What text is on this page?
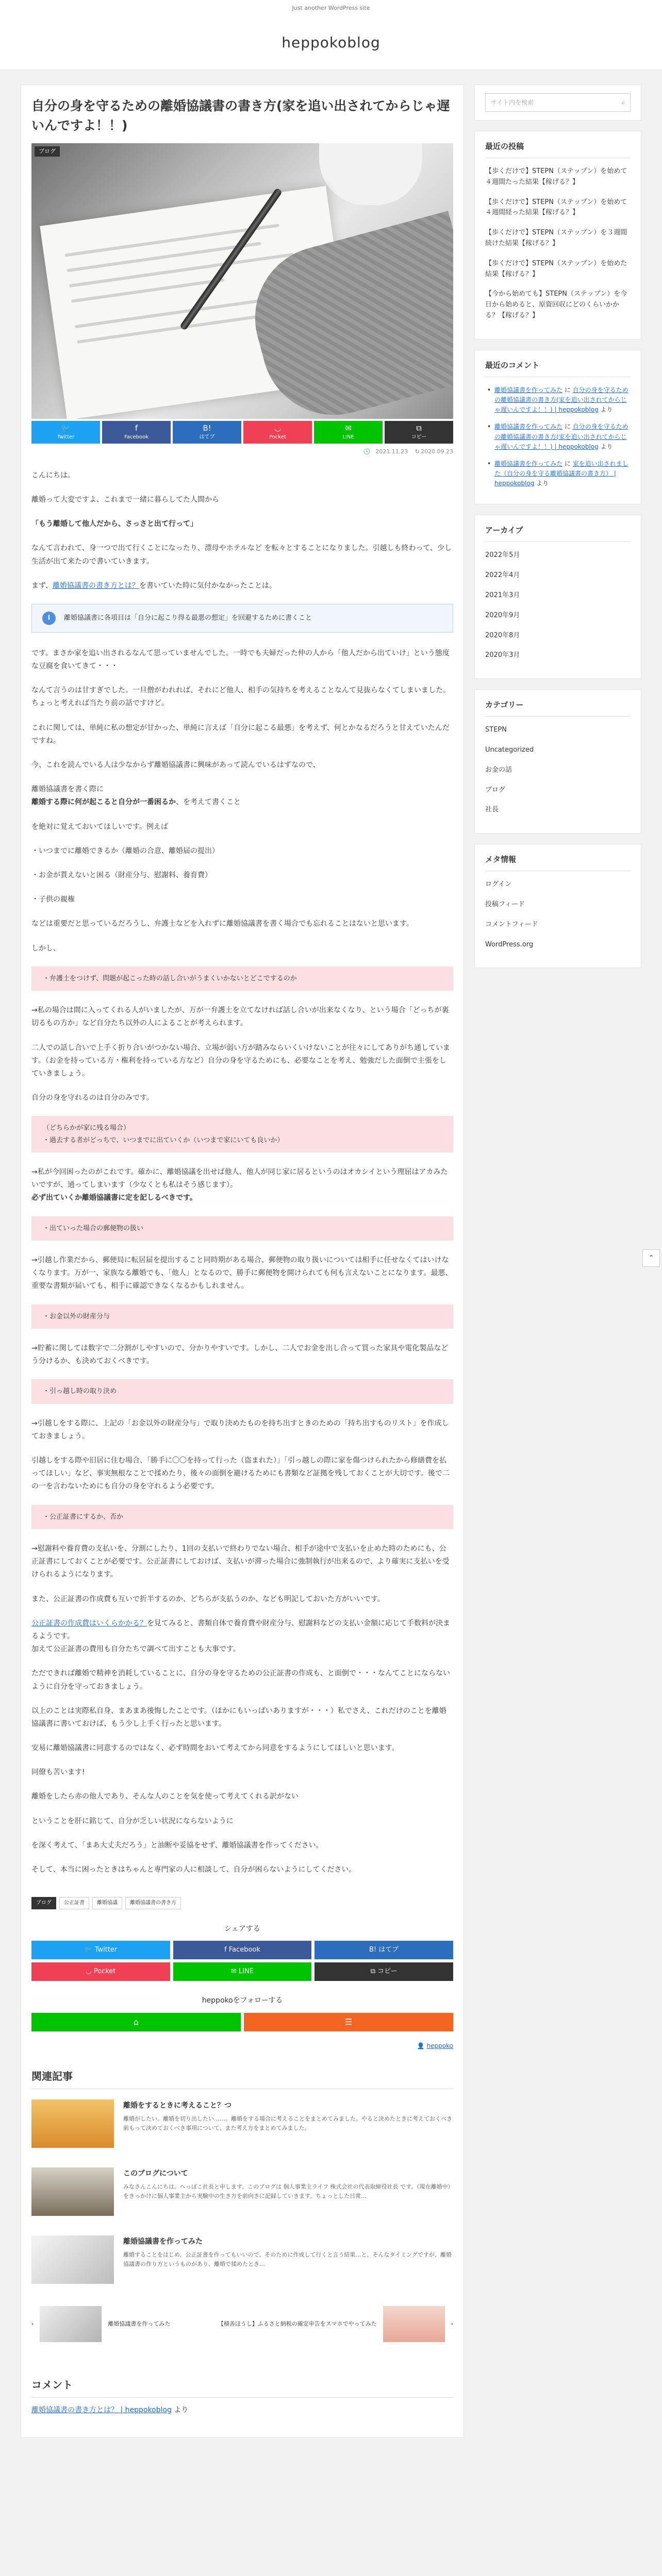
Just another WordPress site
heppokoblog
自分の身を守るための離婚協議書の書き方(家を追い出されてからじゃ遅いんですよ！！)
ブログ
🐦
Twitter
f
Facebook
B!
はてブ
◡
Pocket
✉
LINE
⧉
コピー
🕓 2021.11.23 ↻ 2020.09.23

こんにちは。

離婚って大変ですよ、これまで一緒に暮らしてた人間から

「もう離婚して他人だから、さっさと出て行って」

なんて言われて、身一つで出て行くことになったり、漂母やホテルなど を転々とすることになりました。引越しも終わって、少し生活が出て来たので書いていきます。

まず、離婚協議書の書き方とは？を書いていた時に気付かなかったことは。

i	離婚協議書に各項目は「自分に起こり得る最悪の想定」を回避するために書くこと

です。まさか家を追い出されるなんて思っていませんでした。一時でも夫婦だった仲の人から「他人だから出ていけ」という態度な豆腐を食いてきて・・・

なんて言うのは甘すぎでした。一旦僧がわれれば、それにど他人、相手の気持ちを考えることなんて見抜らなくてしまいました。ちょっと考えれば当たり前の話ですけど。

これに関しては、単純に私の想定が甘かった、単純に言えば「自分に起こる最悪」を考えず、何とかなるだろうと甘えていたんだですね。

今、これを読んでいる人は少なからず離婚協議書に興味があって読んでいるはずなので、

離婚協議書を書く際に
離婚する際に何が起こると自分が一番困るか、を考えて書くこと

を絶対に覚えておいてほしいです。例えば

・いつまでに離婚できるか（離婚の合意、離婚届の提出）

・お金が貰えないと困る（財産分与、慰謝料、養育費）

・子供の親権

などは重要だと思っているだろうし、弁護士などを入れずに離婚協議書を書く場合でも忘れることはないと思います。

しかし、

・弁護士をつけず、問題が起こった時の話し合いがうまくいかないとどこでするのか

→私の場合は間に入ってくれる人がいましたが、万が一弁護士を立てなければ話し合いが出来なくなり、という場合「どっちが裏切るもの方か」など自分たち以外の人によることが考えられます。

二人での話し合いで上手く折り合いがつかない場合、立場が弱い方が踏みならいくいけないことが往々にしてありがち通しています。（お金を持っている方・権利を持っている方など）自分の身を守るためにも、必要なことを考え、勉強だした面倒で主張をしていきましょう。

自分の身を守れるのは自分のみです。

（どちらかが家に残る場合）
・過去する者がどっちで、いつまでに出ていくか（いつまで家にいても良いか）

→私が今回困ったのがこれです。確かに、離婚協議を出せば他人、他人が同じ家に居るというのはオカシイという理屈はアカみたいですが、通ってしまいます（少なくとも私はそう感じます）。
必ず出ていくか離婚協議書に定を記しるべきです。

・出ていった場合の郵便物の扱い

→引越し作業だから、郵便局に転居届を提出すること同時期がある場合、郵便物の取り扱いについては相手に任せなくてはいけなくなります。万が一、家族なる離婚でも、「他人」となるので、勝手に郵便物を開けられても何も言えないことになります。最悪、重要な書類が届いても、相手に確認できなくなるかもしれません。

・お金以外の財産分与

→貯蓄に関しては数字で二分割がしやすいので、分かりやすいです。しかし、二人でお金を出し合って買った家具や電化製品などう分けるか、も決めておくべきです。

・引っ越し時の取り決め

→引越しをする際に、上記の「お金以外の財産分与」で取り決めたものを持ち出すときのための「持ち出すものリスト」を作成しておきましょう。

引越しをする際や旧居に住む場合、「勝手に〇〇を持って行った（盗まれた）」「引っ越しの際に家を傷つけられたから修繕費を払ってほしい」など、事実無根なことで揉めたり、後々の面倒を避けるためにも書類など証拠を残しておくことが大切です。後で二の一を言わないためにも自分の身を守れるよう必要です。

・公正証書にするか、否か

→慰謝料や養育費の支払いを、分割にしたり、1回の支払いで終わりでない場合、相手が途中で支払いを止めた時のためにも、公正証書にしておくことが必要です。公正証書にしておけば、支払いが滞った場合に強制執行が出来るので、より確実に支払いを受けられるようになります。

また、公正証書の作成費も互いで折半するのか、どちらが支払うのか、なども明記しておいた方がいいです。

公正証書の作成費はいくらかかる？を見てみると、書類自体で養育費や財産分与、慰謝料などの支払い金額に応じて手数料が決まるようです。
加えて公正証書の費用も自分たちで調べて出すことも大事です。

ただできれば離婚で精神を消耗していることに、自分の身を守るための公正証書の作成も、と面倒で・・・なんてことにならないように自分を守っておきましょう。

以上のことは実際私自身、まあまあ後悔したことです。（ほかにもいっぱいありますが・・・）私でさえ、これだけのことを離婚協議書に書いておけば、もう少し上手く行ったと思います。

安易に離婚協議書に同意するのではなく、必ず時間をおいて考えてから同意をするようにしてほしいと思います。

同僚も苦います!

離婚をしたら赤の他人であり、そんな人のことを気を使って考えてくれる訳がない

ということを肝に銘じて、自分が乏しい状況にならないように

を深く考えて、「まあ大丈夫だろう」と油断や妥協をせず、離婚協議書を作ってください。

そして、本当に困ったときはちゃんと専門家の人に相談して、自分が困らないようにしてください。

ブログ	公正証書	離婚協議	離婚協議書の書き方
シェアする
🐦 Twitter	f Facebook	B! はてブ
◡ Pocket	✉ LINE	⧉ コピー
heppokoをフォローする
⌂	☰
👤 heppoko
関連記事
離婚をするときに考えること？つ
離婚がしたい。離婚を切り出したい……。離婚をする場合に考えることをまとめてみました。やると決めたときに考えておくべき前もって決めておくべき事項について、また考え方をまとめてみました。
このブログについて
みなさんこんにちは。へっぽこ社長と申します。このブログは 個人事業主ライフ 株式会社の代表取締役社長 です。（現在離婚中）をきっかけに個人事業主から実験中の生き方を前向きに記録していきます。ちょっとした日常…
離婚協議書を作ってみた
離婚することをはじめ、公正証書を作ってもいいので、そのために作成して行くと言う結果…と、そんなタイミングですが、離婚協議書の作り方というものがあり、離婚で揉めたとき…
‹	離婚協議書を作ってみた	【積善ほうし】ふるさと納税の確定申告をスマホでやってみた	›
コメント
離婚協議書の書き方とは？ | heppokoblog より
サイト内を検索	⌕
最近の投稿
【歩くだけで】STEPN（ステップン）を始めて４週間たった結果【稼げる？】
【歩くだけで】STEPN（ステップン）を始めて４週間経った結果【稼げる？】
【歩くだけで】STEPN（ステップン）を３週間続けた結果【稼げる？】
【歩くだけで】STEPN（ステップン）を始めた結果【稼げる？】
【今から始めても】STEPN（ステップン）を今日から始めると、原資回収にどのくらいかかる？【稼げる？】
最近のコメント
• 離婚協議書を作ってみた に 自分の身を守るための離婚協議書の書き方(家を追い出されてからじゃ遅いんですよ！！) | heppokoblog より
• 離婚協議書を作ってみた に 自分の身を守るための離婚協議書の書き方(家を追い出されてからじゃ遅いんですよ！！) | heppokoblog より
• 離婚協議書を作ってみた に 家を追い出されました（自分の身を守る離婚協議書の書き方） | heppokoblog より
アーカイブ
2022年5月
2022年4月
2021年3月
2020年9月
2020年8月
2020年3月
カテゴリー
STEPN
Uncategorized
お金の話
ブログ
社長
メタ情報
ログイン
投稿フィード
コメントフィード
WordPress.org
⌃
